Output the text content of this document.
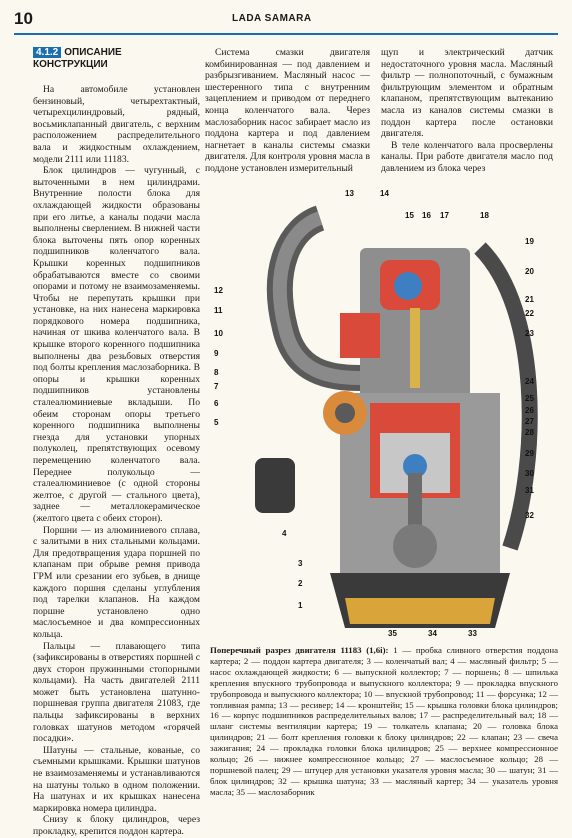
10	LADA SAMARA
4.1.2 ОПИСАНИЕ КОНСТРУКЦИИ

На автомобиле установлен бензиновый, четырехтактный, четырехцилиндровый, рядный, восьмиклапанный двигатель, с верхним расположением распределительного вала и жидкостным охлаждением, модели 2111 или 11183.

Блок цилиндров — чугунный, с выточенными в нем цилиндрами. Внутренние полости блока для охлаждающей жидкости образованы при его литье, а каналы подачи масла выполнены сверлением. В нижней части блока выточены пять опор коренных подшипников коленчатого вала. Крышки коренных подшипников обрабатываются вместе со своими опорами и потому не взаимозаменяемы. Чтобы не перепутать крышки при установке, на них нанесена маркировка порядкового номера подшипника, начиная от шкива коленчатого вала. В крышке второго коренного подшипника выполнены два резьбовых отверстия под болты крепления маслозаборника. В опоры и крышки коренных подшипников установлены сталеалюминиевые вкладыши. По обеим сторонам опоры третьего коренного подшипника выполнены гнезда для установки упорных полуколец, препятствующих осевому перемещению коленчатого вала. Переднее полукольцо — сталеалюминиевое (с одной стороны желтое, с другой — стального цвета), заднее — металлокерамическое (желтого цвета с обеих сторон).

Поршни — из алюминиевого сплава, с залитыми в них стальными кольцами. Для предотвращения удара поршней по клапанам при обрыве ремня привода ГРМ или срезании его зубьев, в днище каждого поршня сделаны углубления под тарелки клапанов. На каждом поршне установлено одно маслосъемное и два компрессионных кольца.

Пальцы — плавающего типа (зафиксированы в отверстиях поршней с двух сторон пружинными стопорными кольцами). На часть двигателей 2111 может быть установлена шатунно-поршневая группа двигателя 21083, где пальцы зафиксированы в верхних головках шатунов методом «горячей посадки».

Шатуны — стальные, кованые, со съемными крышками. Крышки шатунов не взаимозаменяемы и устанавливаются на шатуны только в одном положении. На шатунах и их крышках нанесена маркировка номера цилиндра.

Снизу к блоку цилиндров, через прокладку, крепится поддон картера.

Система смазки двигателя комбинированная — под давлением и разбрызгиванием. Масляный насос — шестеренного типа с внутренним зацеплением и приводом от переднего конца коленчатого вала. Через маслозаборник насос забирает масло из поддона картера и под давлением нагнетает в каналы системы смазки двигателя. Для контроля уровня масла в поддоне установлен измерительный

щуп и электрический датчик недостаточного уровня масла. Масляный фильтр — полнопоточный, с бумажным фильтрующим элементом и обратным клапаном, препятствующим вытеканию масла из каналов системы смазки в поддон картера после остановки двигателя.

В теле коленчатого вала просверлены каналы. При работе двигателя масло под давлением из блока через

12
11
10
9
8
7
6
5
4
3
2
1
13	14
15 16 17	18
19
20
21
22
23
24
25
26
27
28
29
30
31
32
35	34	33
Поперечный разрез двигателя 11183 (1,6i): 1 — пробка сливного отверстия поддона картера; 2 — поддон картера двигателя; 3 — коленчатый вал; 4 — масляный фильтр; 5 — насос охлаждающей жидкости; 6 — выпускной коллектор; 7 — поршень; 8 — шпилька крепления впускного трубопровода и выпускного коллектора; 9 — прокладка впускного трубопровода и выпускного коллектора; 10 — впускной трубопровод; 11 — форсунка; 12 — топливная рампа; 13 — ресивер; 14 — кронштейн; 15 — крышка головки блока цилиндров; 16 — корпус подшипников распределительных валов; 17 — распределительный вал; 18 — шланг системы вентиляции картера; 19 — толкатель клапана; 20 — головка блока цилиндров; 21 — болт крепления головки к блоку цилиндров; 22 — клапан; 23 — свеча зажигания; 24 — прокладка головки блока цилиндров; 25 — верхнее компрессионное кольцо; 26 — нижнее компрессионное кольцо; 27 — маслосъемное кольцо; 28 — поршневой палец; 29 — штуцер для установки указателя уровня масла; 30 — шатун; 31 — блок цилиндров; 32 — крышка шатуна; 33 — масляный картер; 34 — указатель уровня масла; 35 — маслозаборник
